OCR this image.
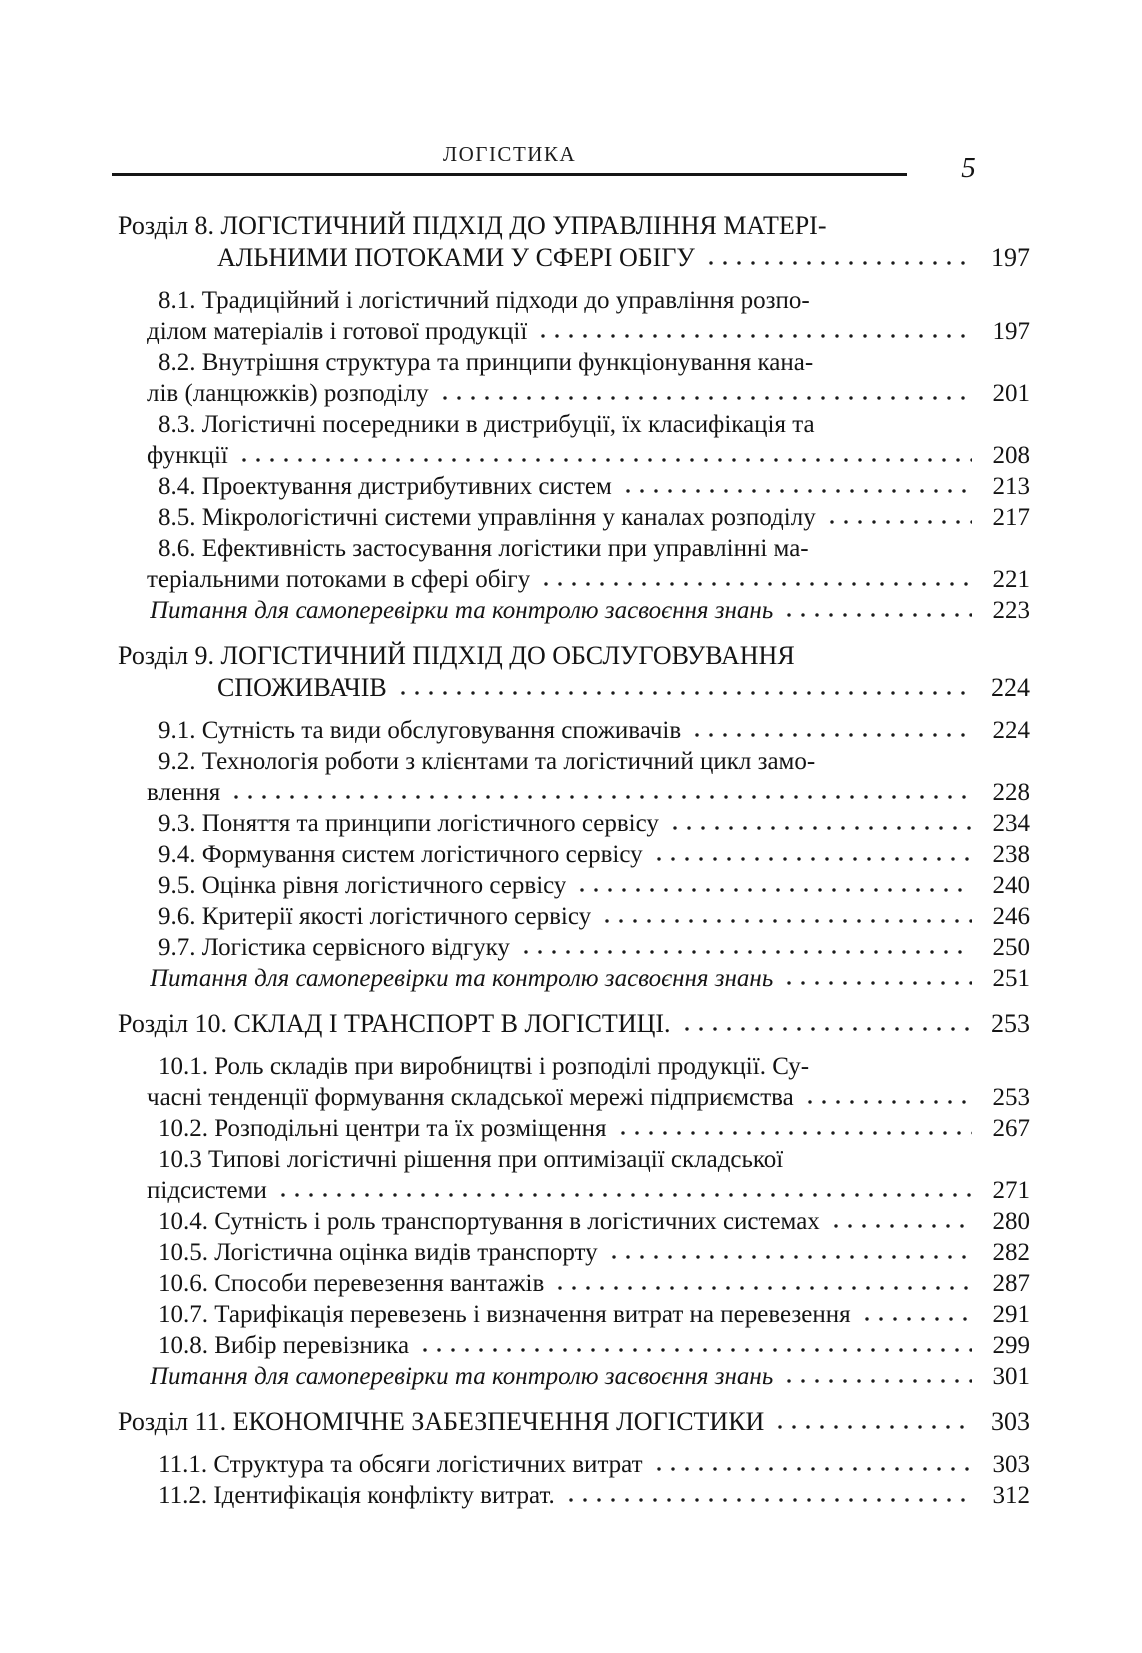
ЛОГІСТИКА	5
Розділ 8. ЛОГІСТИЧНИЙ ПІДХІД ДО УПРАВЛІННЯ МАТЕРІ-
АЛЬНИМИ ПОТОКАМИ У СФЕРІ ОБІГУ	197
8.1. Традиційний і логістичний підходи до управління розпо-
ділом матеріалів і готової продукції	197
8.2. Внутрішня структура та принципи функціонування кана-
лів (ланцюжків) розподілу	201
8.3. Логістичні посередники в дистрибуції, їх класифікація та
функції	208
8.4. Проектування дистрибутивних систем	213
8.5. Мікрологістичні системи управління у каналах розподілу	217
8.6. Ефективність застосування логістики при управлінні ма-
теріальними потоками в сфері обігу	221
Питання для самоперевірки та контролю засвоєння знань	223
Розділ 9. ЛОГІСТИЧНИЙ ПІДХІД ДО ОБСЛУГОВУВАННЯ
СПОЖИВАЧІВ	224
9.1. Сутність та види обслуговування споживачів	224
9.2. Технологія роботи з клієнтами та логістичний цикл замо-
влення	228
9.3. Поняття та принципи логістичного сервісу	234
9.4. Формування систем логістичного сервісу	238
9.5. Оцінка рівня логістичного сервісу	240
9.6. Критерії якості логістичного сервісу	246
9.7. Логістика сервісного відгуку	250
Питання для самоперевірки та контролю засвоєння знань	251
Розділ 10. СКЛАД І ТРАНСПОРТ В ЛОГІСТИЦІ.	253
10.1. Роль складів при виробництві і розподілі продукції. Су-
часні тенденції формування складської мережі підприємства	253
10.2. Розподільні центри та їх розміщення	267
10.3 Типові логістичні рішення при оптимізації складської
підсистеми	271
10.4. Сутність і роль транспортування в логістичних системах	280
10.5. Логістична оцінка видів транспорту	282
10.6. Способи перевезення вантажів	287
10.7. Тарифікація перевезень і визначення витрат на перевезення	291
10.8. Вибір перевізника	299
Питання для самоперевірки та контролю засвоєння знань	301
Розділ 11. ЕКОНОМІЧНЕ ЗАБЕЗПЕЧЕННЯ ЛОГІСТИКИ	303
11.1. Структура та обсяги логістичних витрат	303
11.2. Ідентифікація конфлікту витрат.	312
